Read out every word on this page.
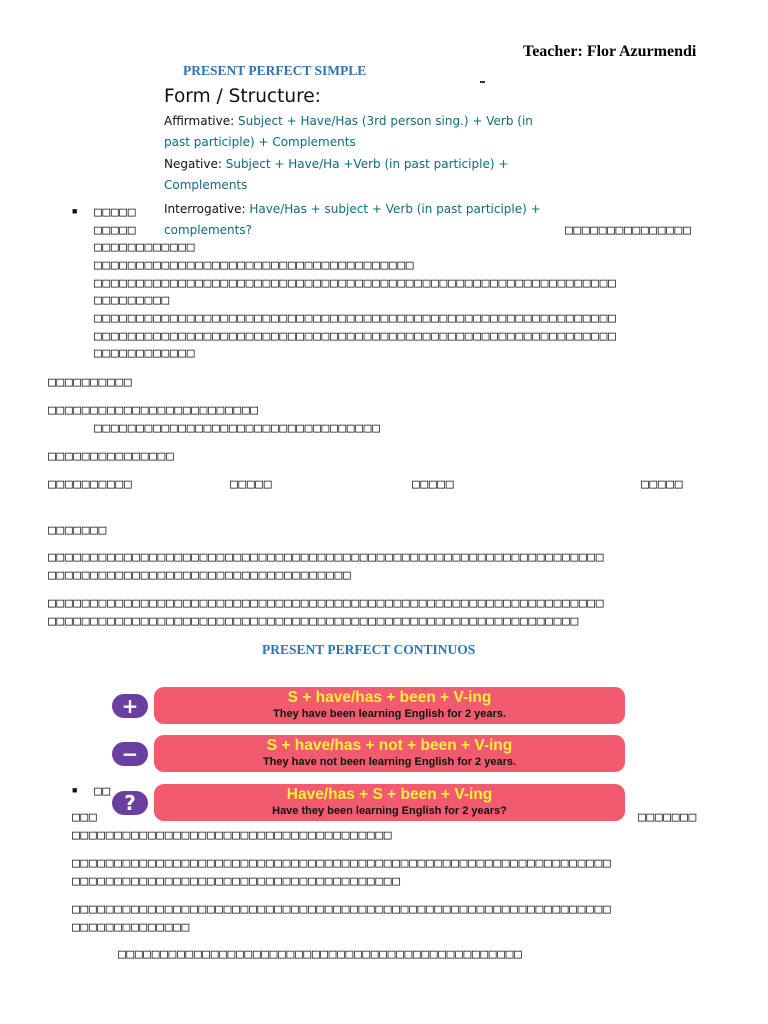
Teacher: Flor Azurmendi
PRESENT PERFECT SIMPLE
Form / Structure:
Affirmative: Subject + Have/Has (3rd person sing.) + Verb (in
past participle) + Complements
Negative: Subject + Have/Ha +Verb (in past participle) +
Complements
Interrogative: Have/Has + subject + Verb (in past participle) +
complements?
■ □□□□□
□□□□□	□□□□□□□□□□□□□□□
□□□□□□□□□□□□
□□□□□□□□□□□□□□□□□□□□□□□□□□□□□□□□□□□□□□
□□□□□□□□□□□□□□□□□□□□□□□□□□□□□□□□□□□□□□□□□□□□□□□□□□□□□□□□□□□□□□
□□□□□□□□□
□□□□□□□□□□□□□□□□□□□□□□□□□□□□□□□□□□□□□□□□□□□□□□□□□□□□□□□□□□□□□□
□□□□□□□□□□□□□□□□□□□□□□□□□□□□□□□□□□□□□□□□□□□□□□□□□□□□□□□□□□□□□□
□□□□□□□□□□□□
□□□□□□□□□□
□□□□□□□□□□□□□□□□□□□□□□□□□
□□□□□□□□□□□□□□□□□□□□□□□□□□□□□□□□□□
□□□□□□□□□□□□□□□
□□□□□□□□□□	□□□□□	□□□□□	□□□□□
□□□□□□□
□□□□□□□□□□□□□□□□□□□□□□□□□□□□□□□□□□□□□□□□□□□□□□□□□□□□□□□□□□□□□□□□□□
□□□□□□□□□□□□□□□□□□□□□□□□□□□□□□□□□□□□
□□□□□□□□□□□□□□□□□□□□□□□□□□□□□□□□□□□□□□□□□□□□□□□□□□□□□□□□□□□□□□□□□□
□□□□□□□□□□□□□□□□□□□□□□□□□□□□□□□□□□□□□□□□□□□□□□□□□□□□□□□□□□□□□□□
PRESENT PERFECT CONTINUOS
+	S + have/has + been + V-ing
They have been learning English for 2 years.
−	S + have/has + not + been + V-ing
They have not been learning English for 2 years.
■ □□ ?	Have/has + S + been + V-ing
Have they been learning English for 2 years?
□□□	□□□□□□□
□□□□□□□□□□□□□□□□□□□□□□□□□□□□□□□□□□□□□□
□□□□□□□□□□□□□□□□□□□□□□□□□□□□□□□□□□□□□□□□□□□□□□□□□□□□□□□□□□□□□□□□
□□□□□□□□□□□□□□□□□□□□□□□□□□□□□□□□□□□□□□□
□□□□□□□□□□□□□□□□□□□□□□□□□□□□□□□□□□□□□□□□□□□□□□□□□□□□□□□□□□□□□□□□
□□□□□□□□□□□□□□
□□□□□□□□□□□□□□□□□□□□□□□□□□□□□□□□□□□□□□□□□□□□□□□□
